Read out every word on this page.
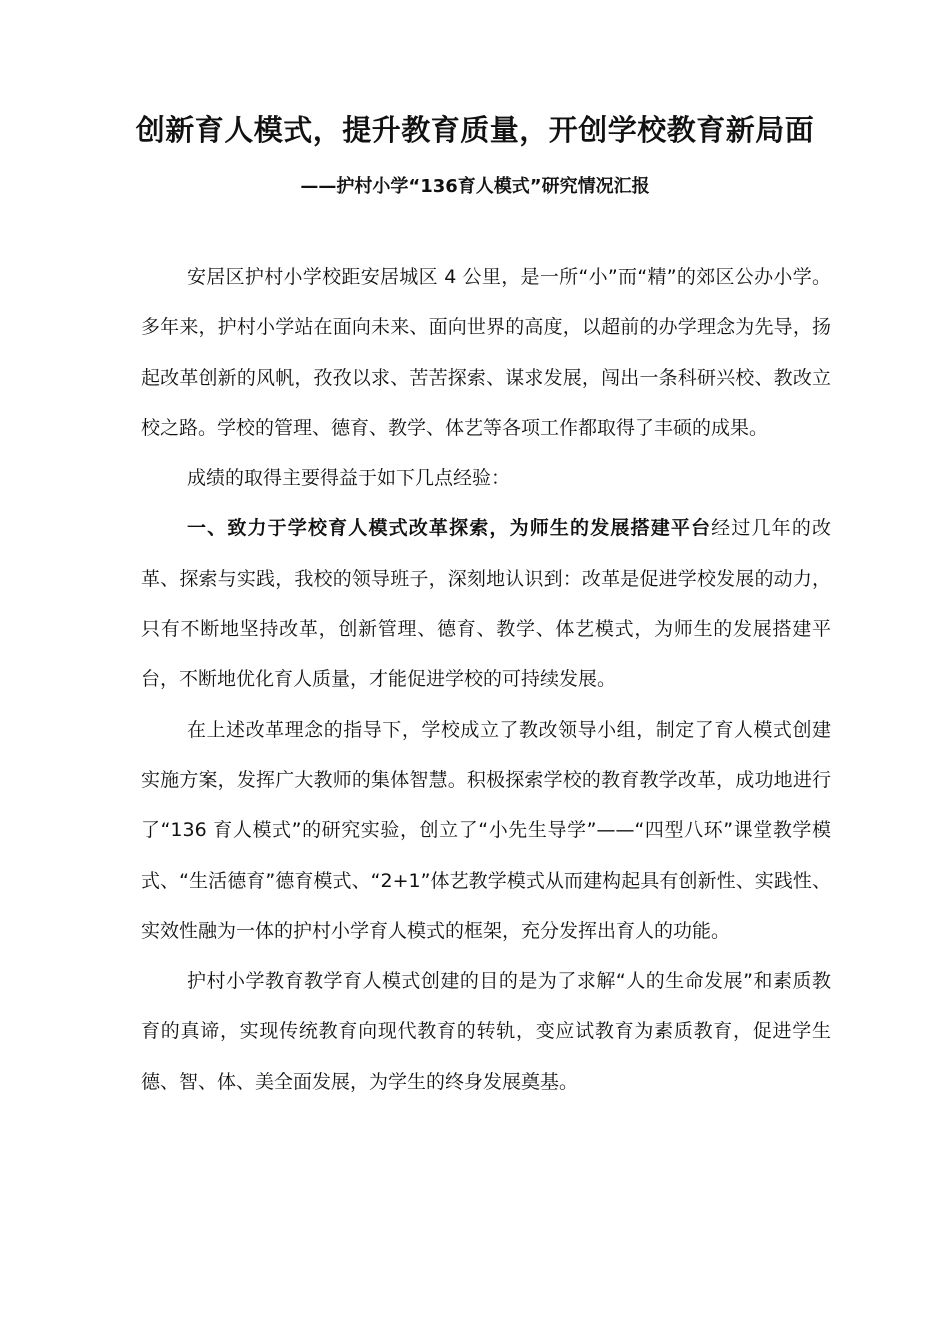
创新育人模式，提升教育质量，开创学校教育新局面
——护村小学“136育人模式”研究情况汇报

安居区护村小学校距安居城区 4 公里，是一所“小”而“精”的郊区公办小学。多年来，护村小学站在面向未来、面向世界的高度，以超前的办学理念为先导，扬起改革创新的风帆，孜孜以求、苦苦探索、谋求发展，闯出一条科研兴校、教改立校之路。学校的管理、德育、教学、体艺等各项工作都取得了丰硕的成果。

成绩的取得主要得益于如下几点经验：

一、致力于学校育人模式改革探索，为师生的发展搭建平台经过几年的改革、探索与实践，我校的领导班子，深刻地认识到：改革是促进学校发展的动力，只有不断地坚持改革，创新管理、德育、教学、体艺模式，为师生的发展搭建平台，不断地优化育人质量，才能促进学校的可持续发展。

在上述改革理念的指导下，学校成立了教改领导小组，制定了育人模式创建实施方案，发挥广大教师的集体智慧。积极探索学校的教育教学改革，成功地进行了“136 育人模式”的研究实验，创立了“小先生导学”——“四型八环”课堂教学模式、“生活德育”德育模式、“2+1”体艺教学模式从而建构起具有创新性、实践性、实效性融为一体的护村小学育人模式的框架，充分发挥出育人的功能。

护村小学教育教学育人模式创建的目的是为了求解“人的生命发展”和素质教育的真谛，实现传统教育向现代教育的转轨，变应试教育为素质教育，促进学生德、智、体、美全面发展，为学生的终身发展奠基。
